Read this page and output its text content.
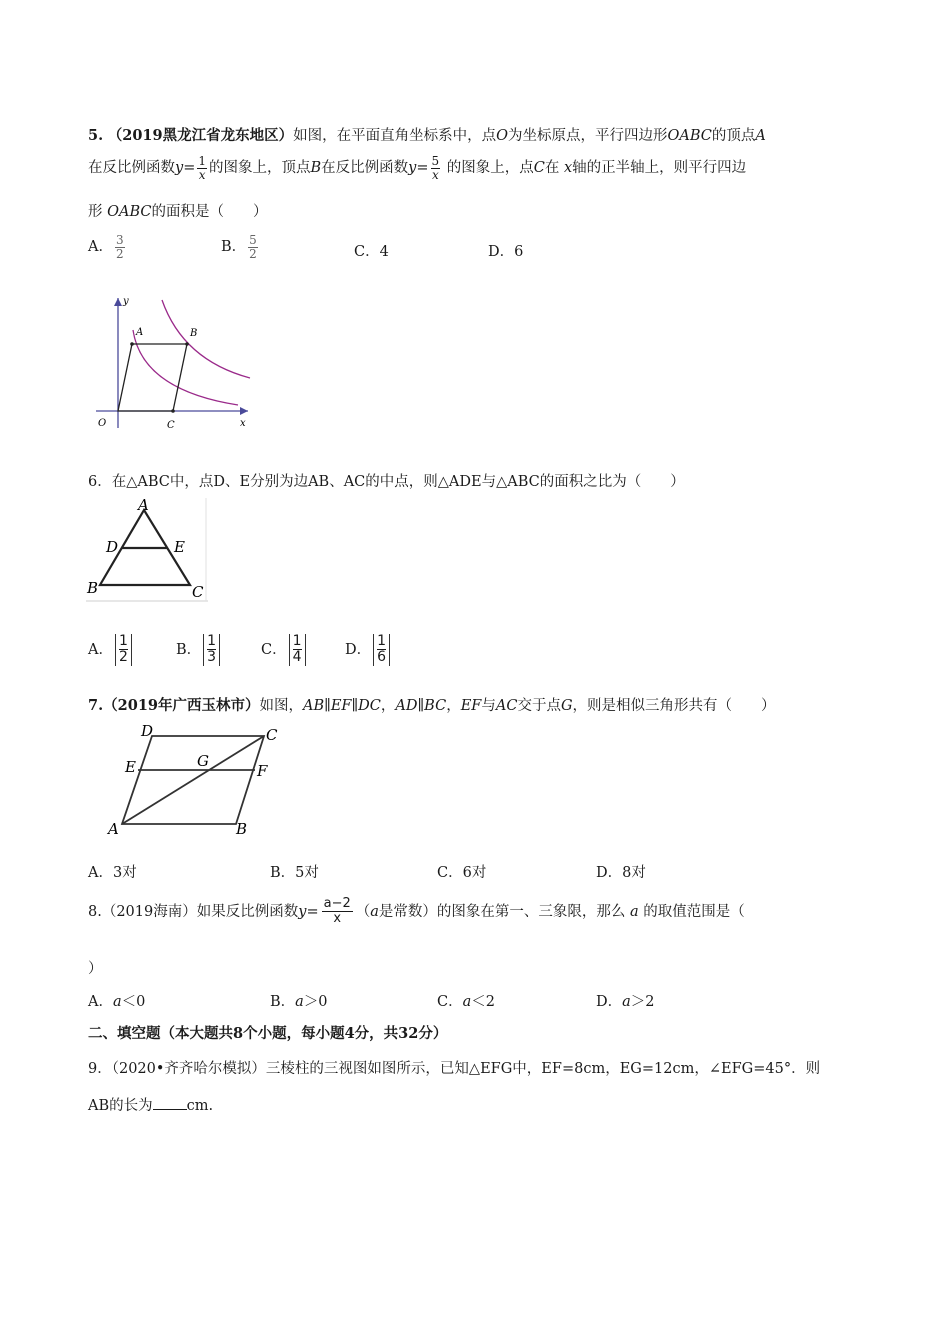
5. （2019黑龙江省龙东地区）如图，在平面直角坐标系中，点O为坐标原点，平行四边形OABC的顶点A
在反比例函数$y= \frac{1}{x}$ 的图象上，顶点B在反比例函数$y= \frac{5}{x}$ 的图象上，点C在 x轴的正半轴上，则平行四边
形 OABC的面积是（　　）
A． $\frac{3}{2}$	B． $\frac{5}{2}$	C．4	D．6
y
x
O
A	B
C
6．在△ABC中，点D、E分别为边AB、AC的中点，则△ADE与△ABC的面积之比为（　　）
A
D	E
B	C
A． $\frac{1}{2}$	B． $\frac{1}{3}$	C． $\frac{1}{4}$	D． $\frac{1}{6}$
7.（2019年广西玉林市）如图，AB∥EF∥DC，AD∥BC，EF与AC交于点G，则是相似三角形共有（　　）
D	C
E	G
F
A	B
A．3对	B．5对	C．6对	D．8对
8.（2019海南）如果反比例函数$y= \frac{a-2}{x} (a$是常数）的图象在第一、三象限，那么 a 的取值范围是（
）
A．a＜0	B．a＞0	C．a＜2	D．a＞2
二、填空题（本大题共8个小题，每小题4分，共32分）
9．（2020•齐齐哈尔模拟）三棱柱的三视图如图所示，已知△EFG中，EF=8cm，EG=12cm，∠EFG=45°．则
AB的长为 cm.
